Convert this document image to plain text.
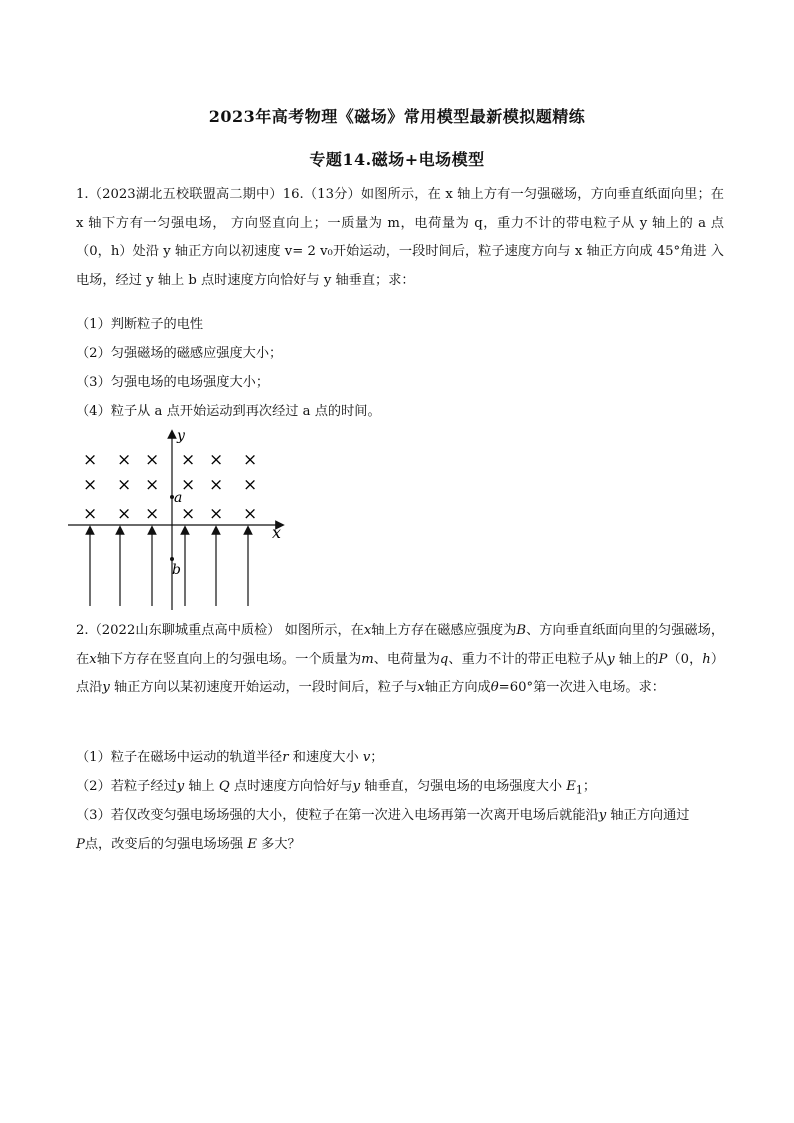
2023年高考物理《磁场》常用模型最新模拟题精练
专题14.磁场+电场模型
1.（2023湖北五校联盟高二期中）16.（13分）如图所示，在 x 轴上方有一匀强磁场，方向垂直纸面向里；在 x 轴下方有一匀强电场， 方向竖直向上；一质量为 m，电荷量为 q，重力不计的带电粒子从 y 轴上的 a 点（0，h）处沿 y 轴正方向以初速度 v= 2 v₀开始运动，一段时间后，粒子速度方向与 x 轴正方向成 45°角进 入电场，经过 y 轴上 b 点时速度方向恰好与 y 轴垂直；求：
（1）判断粒子的电性
（2）匀强磁场的磁感应强度大小；
（3）匀强电场的电场强度大小；
（4）粒子从 a 点开始运动到再次经过 a 点的时间。
× × × × × ×
× × × × × ×
× × × × × ×
x
y
a
b
2.（2022山东聊城重点高中质检） 如图所示，在x轴上方存在磁感应强度为B、方向垂直纸面向里的匀强磁场，在x轴下方存在竖直向上的匀强电场。一个质量为m、电荷量为q、重力不计的带正电粒子从y 轴上的P（0，h）点沿y 轴正方向以某初速度开始运动，一段时间后，粒子与x轴正方向成θ=60°第一次进入电场。求：
（1）粒子在磁场中运动的轨道半径r 和速度大小 v；
（2）若粒子经过y 轴上 Q 点时速度方向恰好与y 轴垂直，匀强电场的电场强度大小 $E_1$；
（3）若仅改变匀强电场场强的大小，使粒子在第一次进入电场再第一次离开电场后就能沿y 轴正方向通过
P点，改变后的匀强电场场强 E 多大？
